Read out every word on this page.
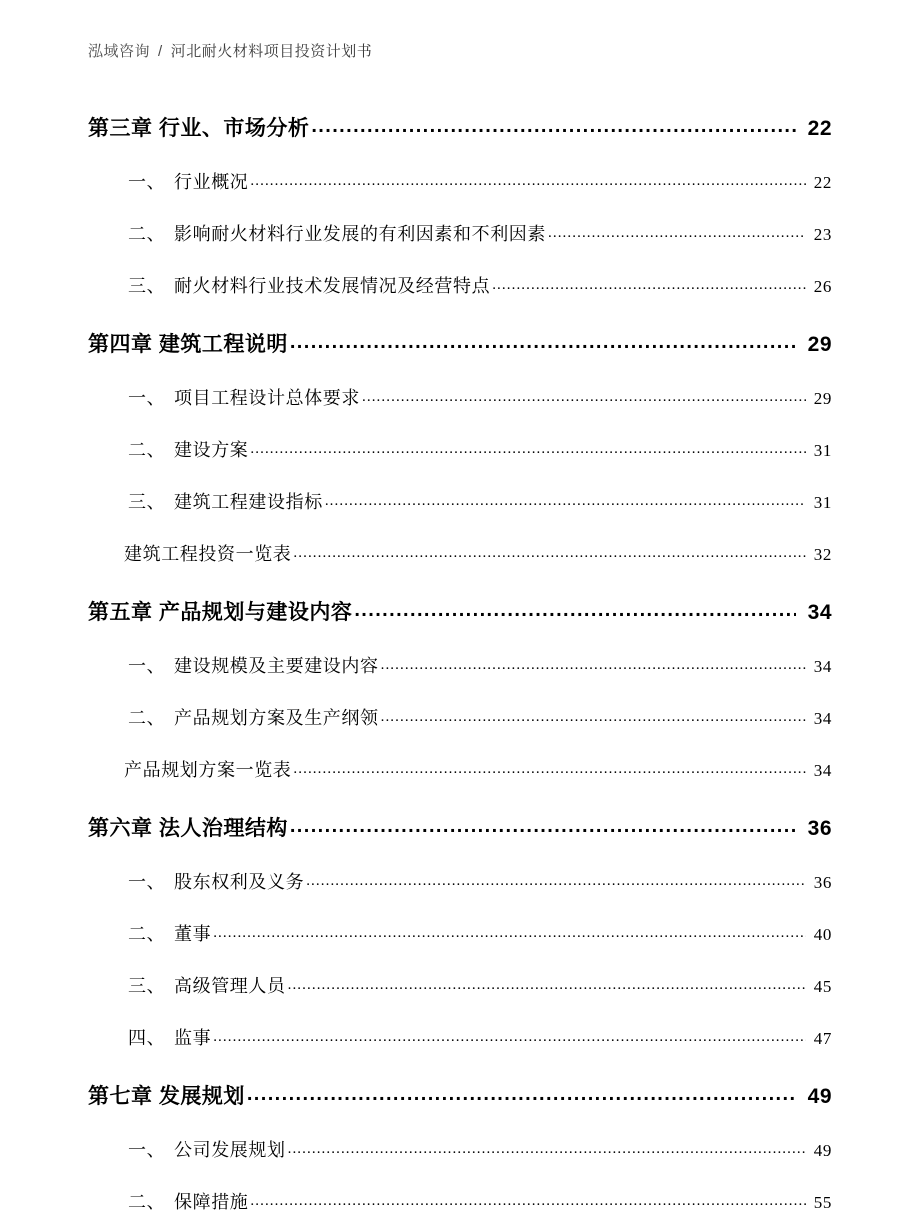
泓域咨询 / 河北耐火材料项目投资计划书
第三章 行业、市场分析 .....	22
一、 行业概况 .....	22
二、 影响耐火材料行业发展的有利因素和不利因素 .....	23
三、 耐火材料行业技术发展情况及经营特点 .....	26
第四章 建筑工程说明 .....	29
一、 项目工程设计总体要求 .....	29
二、 建设方案 .....	31
三、 建筑工程建设指标 .....	31
建筑工程投资一览表 .....	32
第五章 产品规划与建设内容 .....	34
一、 建设规模及主要建设内容 .....	34
二、 产品规划方案及生产纲领 .....	34
产品规划方案一览表 .....	34
第六章 法人治理结构 .....	36
一、 股东权利及义务 .....	36
二、 董事 .....	40
三、 高级管理人员 .....	45
四、 监事 .....	47
第七章 发展规划 .....	49
一、 公司发展规划 .....	49
二、 保障措施 .....	55
